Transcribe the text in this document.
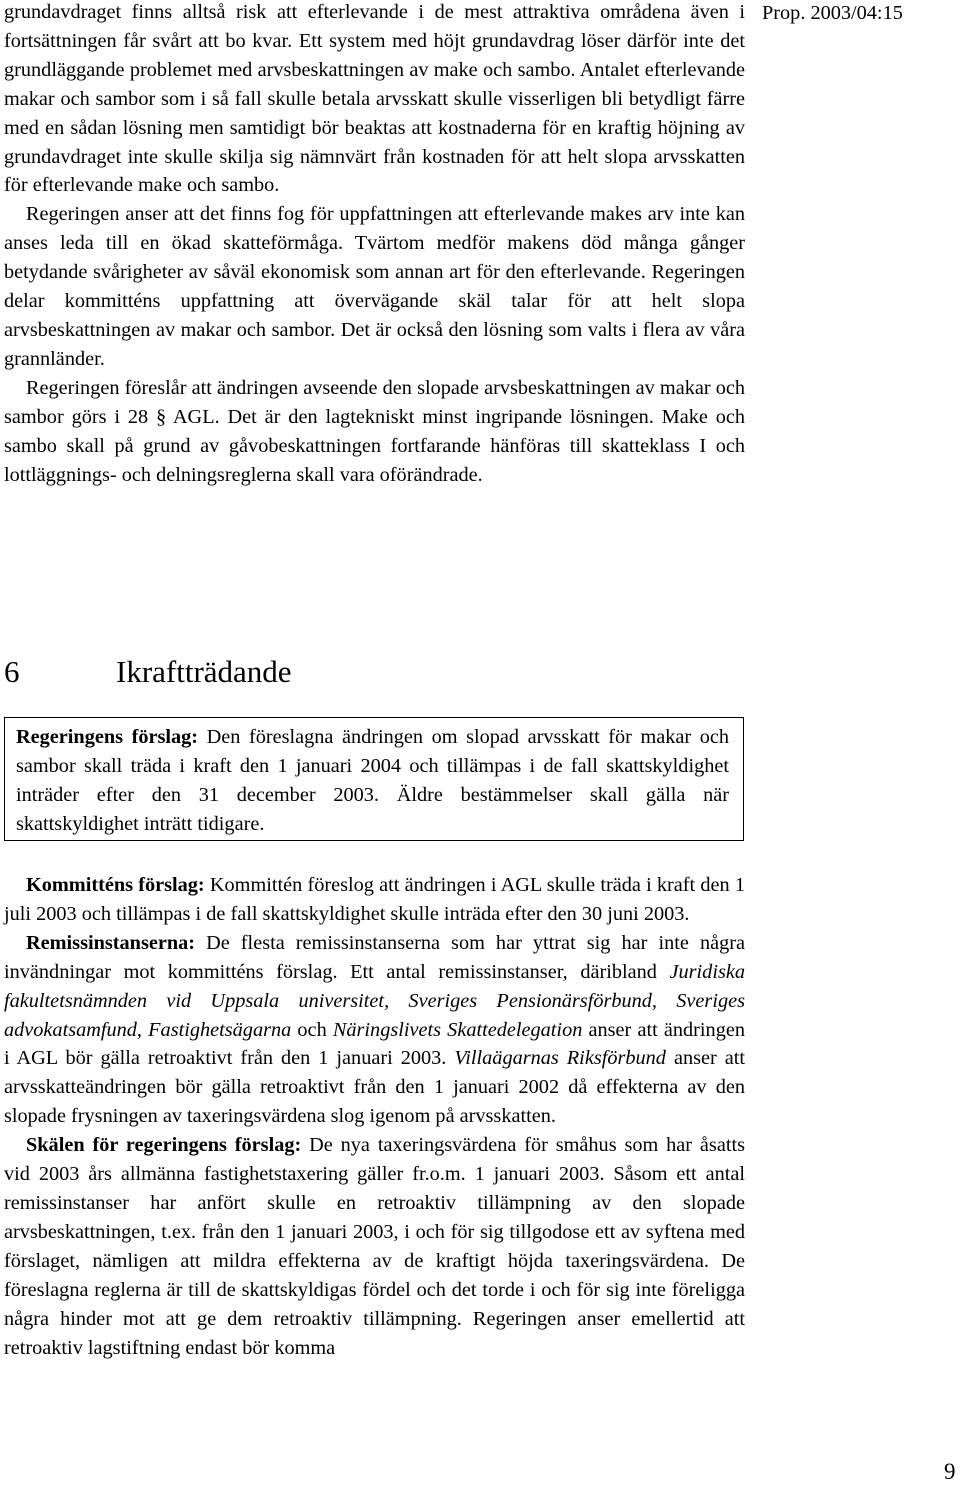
Prop. 2003/04:15

grundavdraget finns alltså risk att efterlevande i de mest attraktiva områdena även i fortsättningen får svårt att bo kvar. Ett system med höjt grundavdrag löser därför inte det grundläggande problemet med arvsbeskattningen av make och sambo. Antalet efterlevande makar och sambor som i så fall skulle betala arvsskatt skulle visserligen bli betydligt färre med en sådan lösning men samtidigt bör beaktas att kostnaderna för en kraftig höjning av grundavdraget inte skulle skilja sig nämnvärt från kostnaden för att helt slopa arvsskatten för efterlevande make och sambo.

Regeringen anser att det finns fog för uppfattningen att efterlevande makes arv inte kan anses leda till en ökad skatteförmåga. Tvärtom medför makens död många gånger betydande svårigheter av såväl ekonomisk som annan art för den efterlevande. Regeringen delar kommitténs uppfattning att övervägande skäl talar för att helt slopa arvsbeskattningen av makar och sambor. Det är också den lösning som valts i flera av våra grannländer.

Regeringen föreslår att ändringen avseende den slopade arvsbeskattningen av makar och sambor görs i 28 § AGL. Det är den lagtekniskt minst ingripande lösningen. Make och sambo skall på grund av gåvobeskattningen fortfarande hänföras till skatteklass I och lottläggnings- och delningsreglerna skall vara oförändrade.

6	Ikraftträdande

Regeringens förslag: Den föreslagna ändringen om slopad arvsskatt för makar och sambor skall träda i kraft den 1 januari 2004 och tillämpas i de fall skattskyldighet inträder efter den 31 december 2003. Äldre bestämmelser skall gälla när skattskyldighet inträtt tidigare.

Kommitténs förslag: Kommittén föreslog att ändringen i AGL skulle träda i kraft den 1 juli 2003 och tillämpas i de fall skattskyldighet skulle inträda efter den 30 juni 2003.

Remissinstanserna: De flesta remissinstanserna som har yttrat sig har inte några invändningar mot kommitténs förslag. Ett antal remissinstanser, däribland Juridiska fakultetsnämnden vid Uppsala universitet, Sveriges Pensionärsförbund, Sveriges advokatsamfund, Fastighetsägarna och Näringslivets Skattedelegation anser att ändringen i AGL bör gälla retroaktivt från den 1 januari 2003. Villaägarnas Riksförbund anser att arvsskatteändringen bör gälla retroaktivt från den 1 januari 2002 då effekterna av den slopade frysningen av taxeringsvärdena slog igenom på arvsskatten.

Skälen för regeringens förslag: De nya taxeringsvärdena för småhus som har åsatts vid 2003 års allmänna fastighetstaxering gäller fr.o.m. 1 januari 2003. Såsom ett antal remissinstanser har anfört skulle en retroaktiv tillämpning av den slopade arvsbeskattningen, t.ex. från den 1 januari 2003, i och för sig tillgodose ett av syftena med förslaget, nämligen att mildra effekterna av de kraftigt höjda taxeringsvärdena. De föreslagna reglerna är till de skattskyldigas fördel och det torde i och för sig inte föreligga några hinder mot att ge dem retroaktiv tillämpning. Regeringen anser emellertid att retroaktiv lagstiftning endast bör komma

9
